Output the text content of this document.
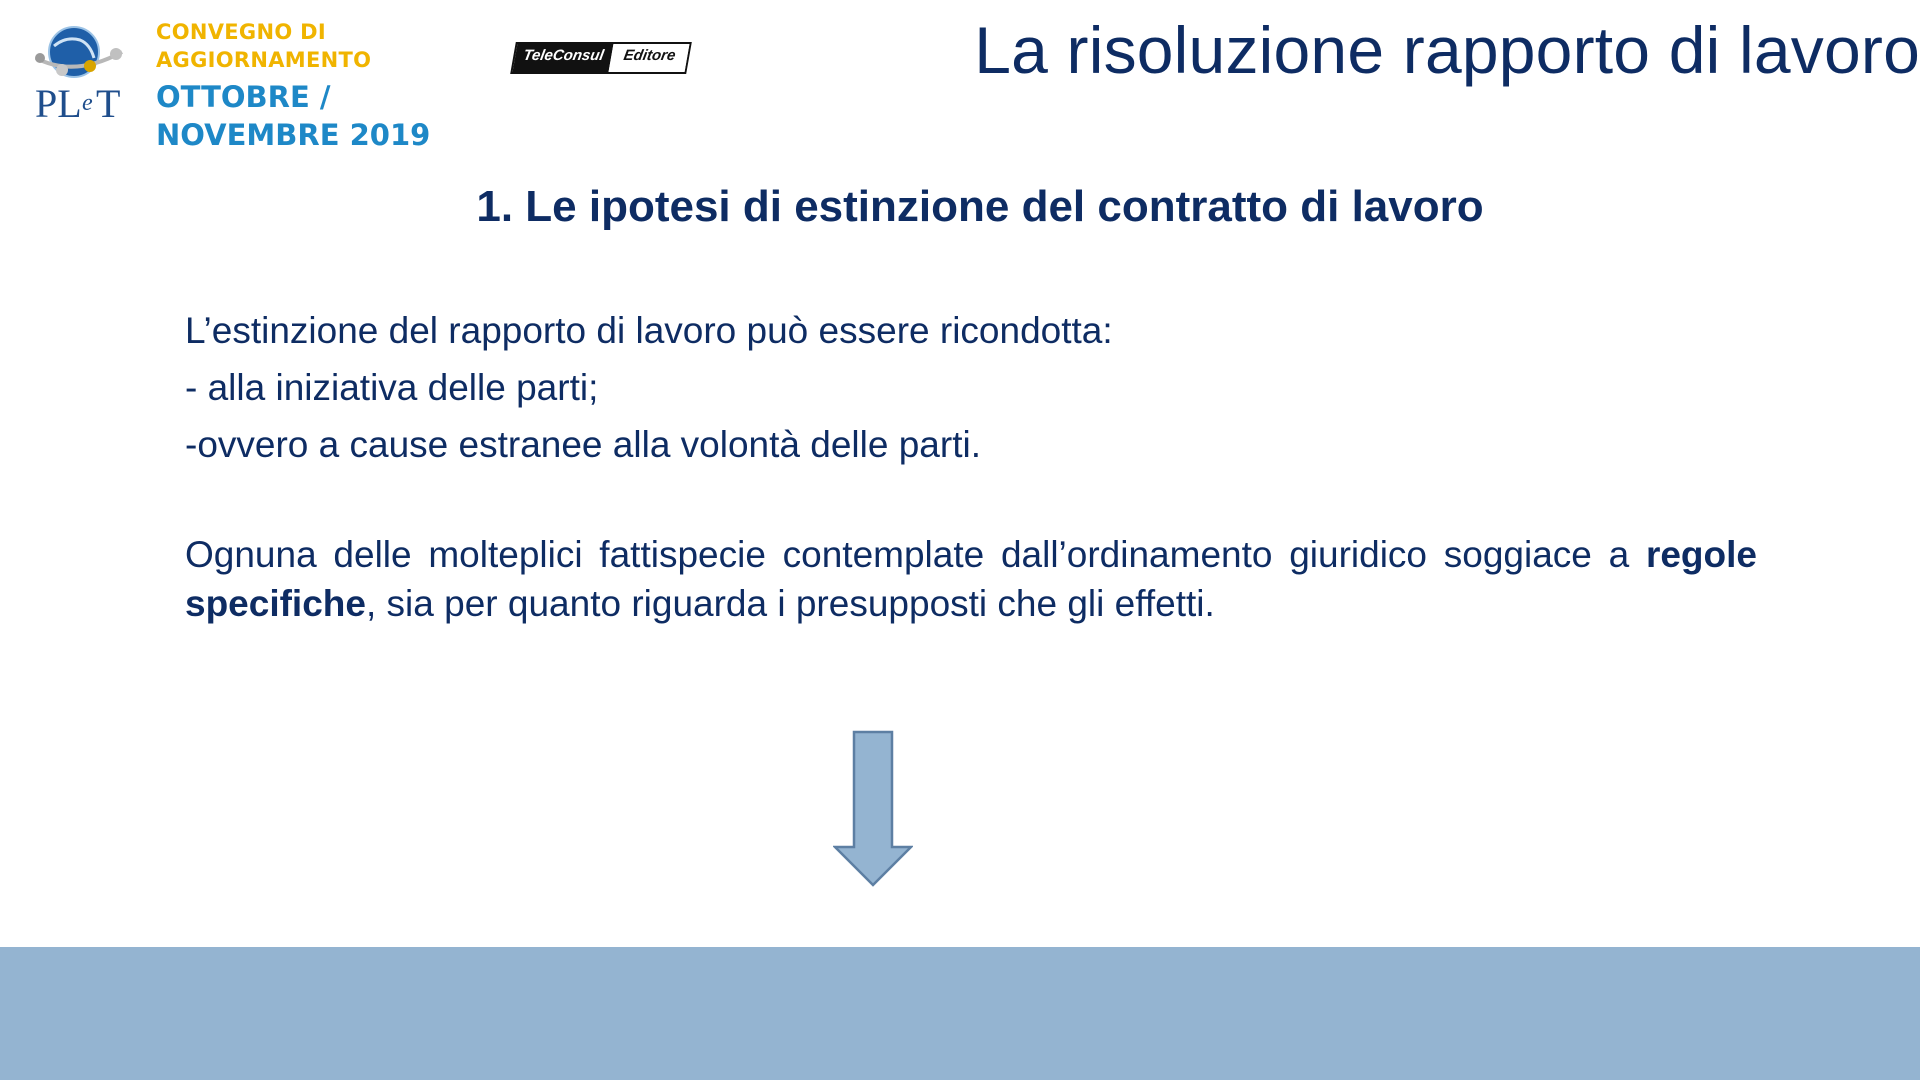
PL e T
CONVEGNO DI
AGGIORNAMENTO
OTTOBRE /
NOVEMBRE 2019
TeleConsul	Editore	La risoluzione rapporto di lavoro
1. Le ipotesi di estinzione del contratto di lavoro
L’estinzione del rapporto di lavoro può essere ricondotta:
- alla iniziativa delle parti;
-ovvero a cause estranee alla volontà delle parti.
Ognuna delle molteplici fattispecie contemplate dall’ordinamento giuridico soggiace a regole specifiche, sia per quanto riguarda i presupposti che gli effetti.
